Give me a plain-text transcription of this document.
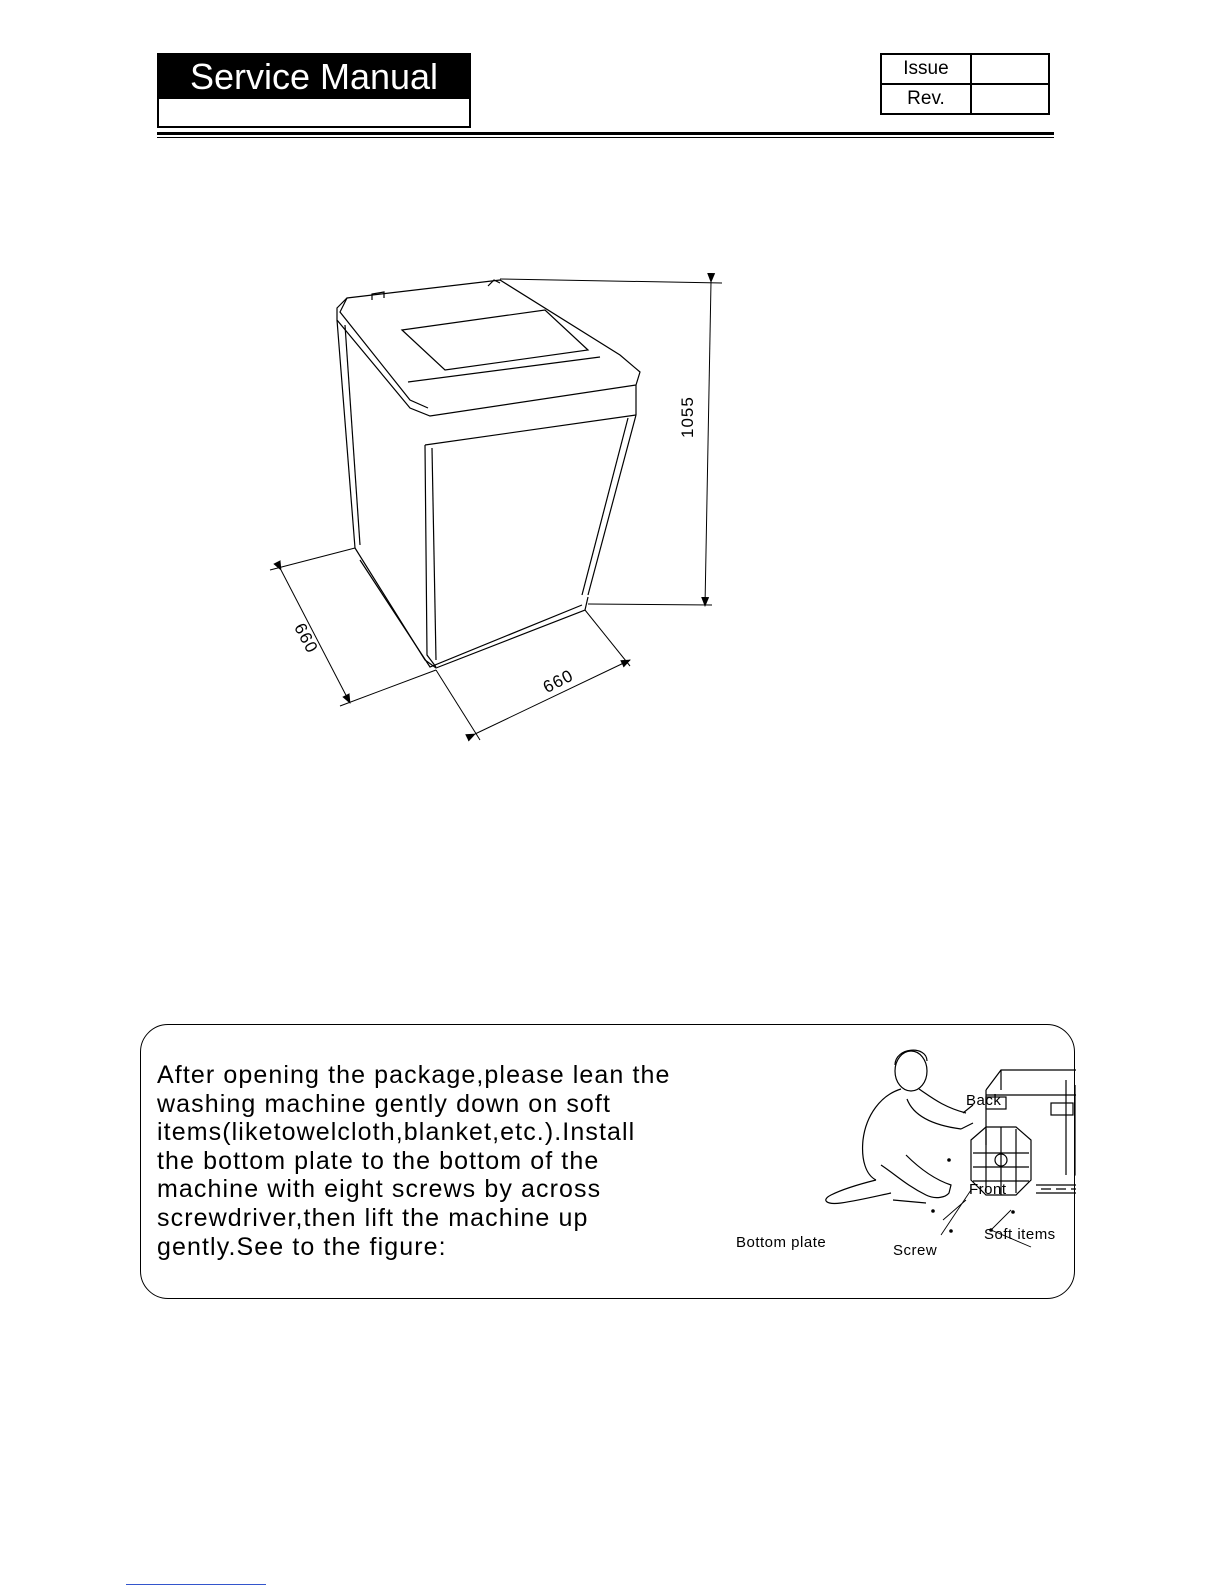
Service Manual	Issue	
Rev.	
1055
660
660

After opening the package,please lean the washing machine gently down on soft items(liketowelcloth,blanket,etc.).Install the bottom plate to the bottom of the machine with eight screws by across screwdriver,then lift the machine up gently.See to the figure:

Back
Front
Soft items
Bottom plate	Screw
